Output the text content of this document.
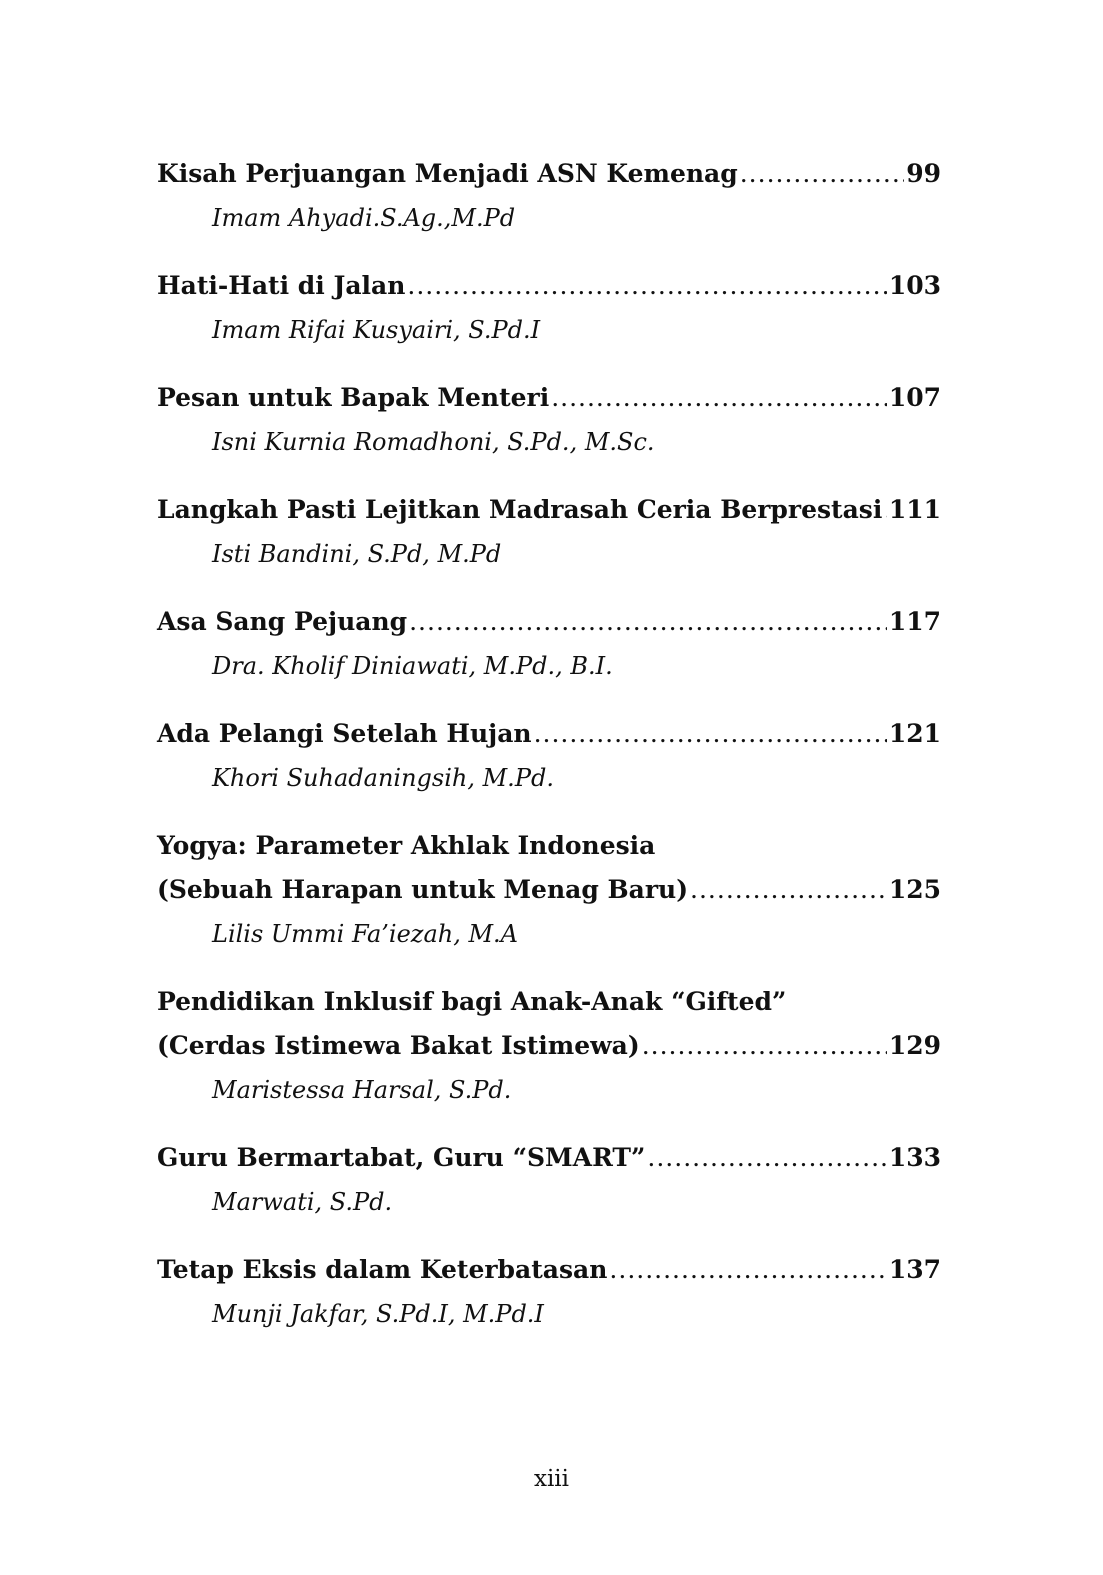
Kisah Perjuangan Menjadi ASN Kemenag .....	99
Imam Ahyadi.S.Ag.,M.Pd
Hati-Hati di Jalan .....	103
Imam Rifai Kusyairi, S.Pd.I
Pesan untuk Bapak Menteri .....	107
Isni Kurnia Romadhoni, S.Pd., M.Sc.
Langkah Pasti Lejitkan Madrasah Ceria Berprestasi ..... 111
Isti Bandini, S.Pd, M.Pd
Asa Sang Pejuang .....	117
Dra. Kholif Diniawati, M.Pd., B.I.
Ada Pelangi Setelah Hujan .....	121
Khori Suhadaningsih, M.Pd.
Yogya: Parameter Akhlak Indonesia
(Sebuah Harapan untuk Menag Baru) .....	125
Lilis Ummi Fa’iezah, M.A
Pendidikan Inklusif bagi Anak-Anak “Gifted”
(Cerdas Istimewa Bakat Istimewa) .....	129
Maristessa Harsal, S.Pd.
Guru Bermartabat, Guru “SMART” .....	133
Marwati, S.Pd.
Tetap Eksis dalam Keterbatasan .....	137
Munji Jakfar, S.Pd.I, M.Pd.I
xiii
